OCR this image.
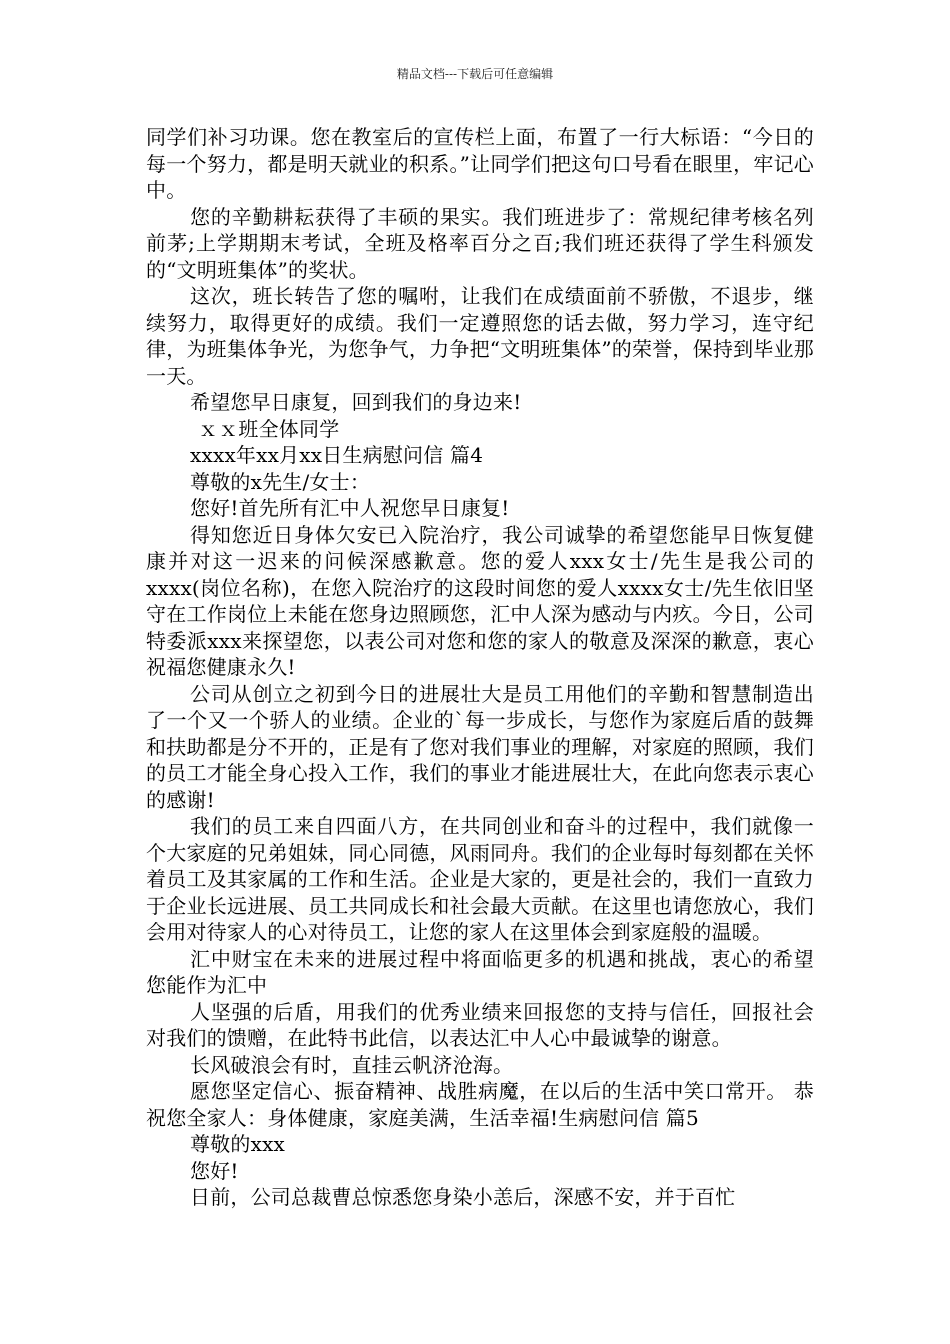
精品文档---下载后可任意编辑

同学们补习功课。您在教室后的宣传栏上面，布置了一行大标语：“今日的每一个努力，都是明天就业的积系。”让同学们把这句口号看在眼里，牢记心中。

您的辛勤耕耘获得了丰硕的果实。我们班进步了：常规纪律考核名列前茅;上学期期末考试，全班及格率百分之百;我们班还获得了学生科颁发的“文明班集体”的奖状。

这次，班长转告了您的嘱咐，让我们在成绩面前不骄傲，不退步，继续努力，取得更好的成绩。我们一定遵照您的话去做，努力学习，连守纪律，为班集体争光，为您争气，力争把“文明班集体”的荣誉，保持到毕业那一天。

希望您早日康复，回到我们的身边来!

ｘｘ班全体同学

xxxx年xx月xx日生病慰问信 篇4

尊敬的x先生/女士：

您好!首先所有汇中人祝您早日康复!

得知您近日身体欠安已入院治疗，我公司诚挚的希望您能早日恢复健康并对这一迟来的问候深感歉意。您的爱人xxx女士/先生是我公司的xxxx(岗位名称)，在您入院治疗的这段时间您的爱人xxxx女士/先生依旧坚守在工作岗位上未能在您身边照顾您，汇中人深为感动与内疚。今日，公司特委派xxx来探望您，以表公司对您和您的家人的敬意及深深的歉意，衷心祝福您健康永久!

公司从创立之初到今日的进展壮大是员工用他们的辛勤和智慧制造出了一个又一个骄人的业绩。企业的`每一步成长，与您作为家庭后盾的鼓舞和扶助都是分不开的，正是有了您对我们事业的理解，对家庭的照顾，我们的员工才能全身心投入工作，我们的事业才能进展壮大，在此向您表示衷心的感谢!

我们的员工来自四面八方，在共同创业和奋斗的过程中，我们就像一个大家庭的兄弟姐妹，同心同德，风雨同舟。我们的企业每时每刻都在关怀着员工及其家属的工作和生活。企业是大家的，更是社会的，我们一直致力于企业长远进展、员工共同成长和社会最大贡献。在这里也请您放心，我们会用对待家人的心对待员工，让您的家人在这里体会到家庭般的温暖。

汇中财宝在未来的进展过程中将面临更多的机遇和挑战，衷心的希望您能作为汇中

人坚强的后盾，用我们的优秀业绩来回报您的支持与信任，回报社会对我们的馈赠，在此特书此信，以表达汇中人心中最诚挚的谢意。

长风破浪会有时，直挂云帆济沧海。

愿您坚定信心、振奋精神、战胜病魔，在以后的生活中笑口常开。 恭祝您全家人：身体健康，家庭美满，生活幸福!生病慰问信 篇5

尊敬的xxx

您好!

日前，公司总裁曹总惊悉您身染小恙后，深感不安，并于百忙
